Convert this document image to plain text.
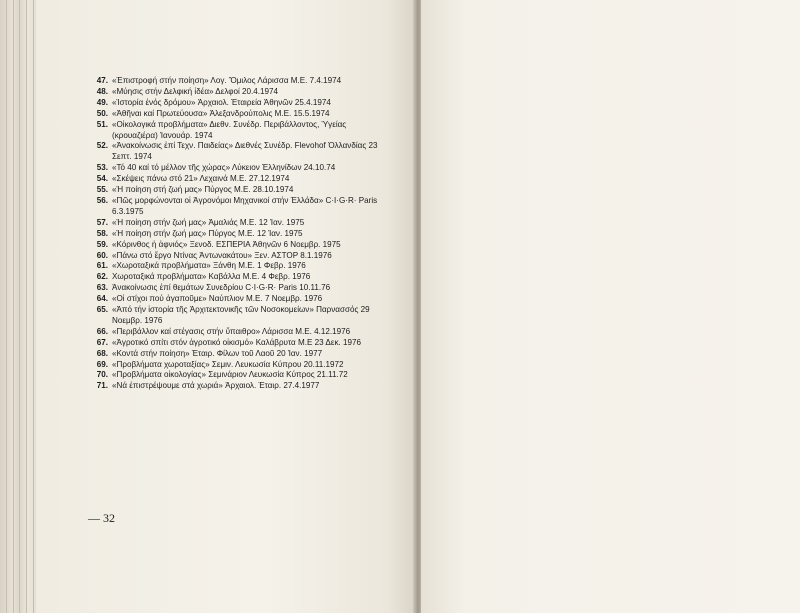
47. «Ἐπιστροφή στήν ποίηση» Λογ. Ὅμιλος Λάρισσα Μ.Ε. 7.4.1974
48. «Μύησις στήν Δελφική ἰδέα» Δελφοί 20.4.1974
49. «Ἱστορία ἑνός δρόμου» Ἀρχαιολ. Ἑταιρεία Ἀθηνῶν 25.4.1974
50. «Ἀθῆναι καί Πρωτεύουσα» Ἀλεξανδρούπολις Μ.Ε. 15.5.1974
51. «Οἰκολογικά προβλήματα» Διεθν. Συνέδρ. Περιβάλλοντος, Ὑγείας (κρουαζιέρα) Ἰανουάρ. 1974
52. «Ἀνακοίνωσις ἐπί Τεχν. Παιδείας» Διεθνές Συνέδρ. Flevohof Ὀλλανδίας 23 Σεπτ. 1974
53. «Τό 40 καί τό μέλλον τῆς χώρας» Λύκειον Ἑλληνίδων 24.10.74
54. «Σκέψεις πάνω στό 21» Λεχαινά Μ.Ε. 27.12.1974
55. «Ἡ ποίηση στή ζωή μας» Πύργος Μ.Ε. 28.10.1974
56. «Πῶς μορφώνονται οἱ Ἀγρονόμοι Μηχανικοί στήν Ἑλλάδα» C·I·G·R· Paris 6.3.1975
57. «Ἡ ποίηση στήν ζωή μας» Ἀμαλιάς Μ.Ε. 12 Ἰαν. 1975
58. «Ἡ ποίηση στήν ζωή μας» Πύργος Μ.Ε. 12 Ἰαν. 1975
59. «Κόρινθος ἡ ἀφνιός» Ξενοδ. ΕΣΠΕΡΙΑ Ἀθηνῶν 6 Νοεμβρ. 1975
60. «Πάνω στό ἔργο Ντίνας Ἀντωνακάτου» Ξεν. ΑΣΤΟΡ 8.1.1976
61. «Χωροταξικά προβλήματα» Ξάνθη Μ.Ε. 1 Φεβρ. 1976
62. Χωροταξικά προβλήματα» Καβάλλα Μ.Ε. 4 Φεβρ. 1976
63. Ἀνακοίνωσις ἐπί θεμάτων Συνεδρίου C·I·G·R· Paris 10.11.76
64. «Οἱ στίχοι πού ἀγαποῦμε» Ναύπλιον Μ.Ε. 7 Νοεμβρ. 1976
65. «Ἀπό τήν ἱστορία τῆς Ἀρχιτεκτονικῆς τῶν Νοσοκομείων» Παρνασσός 29 Νοεμβρ. 1976
66. «Περιβάλλον καί στέγασις στήν ὕπαιθρο» Λάρισσα Μ.Ε. 4.12.1976
67. «Ἀγροτικό σπίτι στόν ἀγροτικό οἰκισμό» Καλάβρυτα Μ.Ε 23 Δεκ. 1976
68. «Κοντά στήν ποίηση» Ἑταιρ. Φίλων τοῦ Λαοῦ 20 Ἰαν. 1977
69. «Προβλήματα χωροταξίας» Σεμιν. Λευκωσία Κύπρου 20.11.1972
70. «Προβλήματα οἰκολογίας» Σεμινάριον Λευκωσία Κύπρος 21.11.72
71. «Νά ἐπιστρέψουμε στά χωριά» Ἀρχαιολ. Ἑταιρ. 27.4.1977
— 32
